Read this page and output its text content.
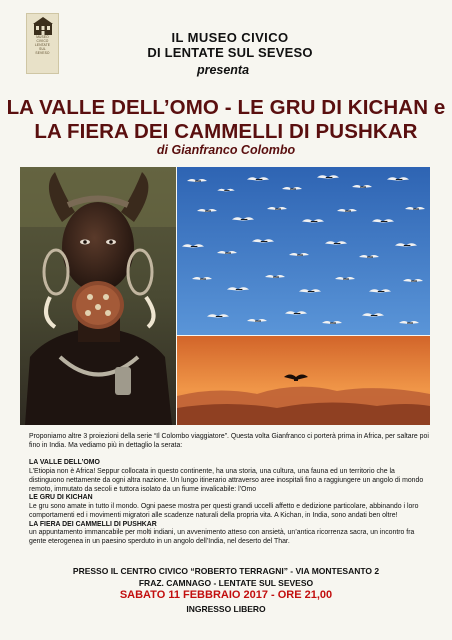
MUSEO
CIVICO
LENTATE
SUL
SEVESO
IL MUSEO CIVICO
DI LENTATE SUL SEVESO
presenta
LA VALLE DELL’OMO - LE GRU DI KICHAN e
LA FIERA DEI CAMMELLI DI PUSHKAR
di Gianfranco Colombo

Proponiamo altre 3 proiezioni della serie “Il Colombo viaggiatore”. Questa volta Gianfranco ci porterà prima in Africa, per saltare poi fino in India. Ma vediamo più in dettaglio la serata:

LA VALLE DELL’OMO

L’Etiopia non è Africa! Seppur collocata in questo continente, ha una storia, una cultura, una fauna ed un territorio che la distinguono nettamente da ogni altra nazione. Un lungo itinerario attraverso aree inospitali fino a raggiungere un angolo di mondo remoto, immutato da secoli e tuttora isolato da un fiume invalicabile: l’Omo

LE GRU DI KICHAN

Le gru sono amate in tutto il mondo. Ogni paese mostra per questi grandi uccelli affetto e dedizione particolare, abbinando i loro comportamenti ed i movimenti migratori alle scadenze naturali della propria vita. A Kichan, in India, sono andati ben oltre!

LA FIERA DEI CAMMELLI DI PUSHKAR

un appuntamento immancabile per molti indiani, un avvenimento atteso con ansietà, un’antica ricorrenza sacra, un incontro fra gente eterogenea in un paesino sperduto in un angolo dell’India, nel deserto del Thar.

PRESSO IL CENTRO CIVICO “ROBERTO TERRAGNI” - VIA MONTESANTO 2
FRAZ. CAMNAGO - LENTATE SUL SEVESO
SABATO 11 FEBBRAIO 2017 - ORE 21,00
INGRESSO LIBERO
